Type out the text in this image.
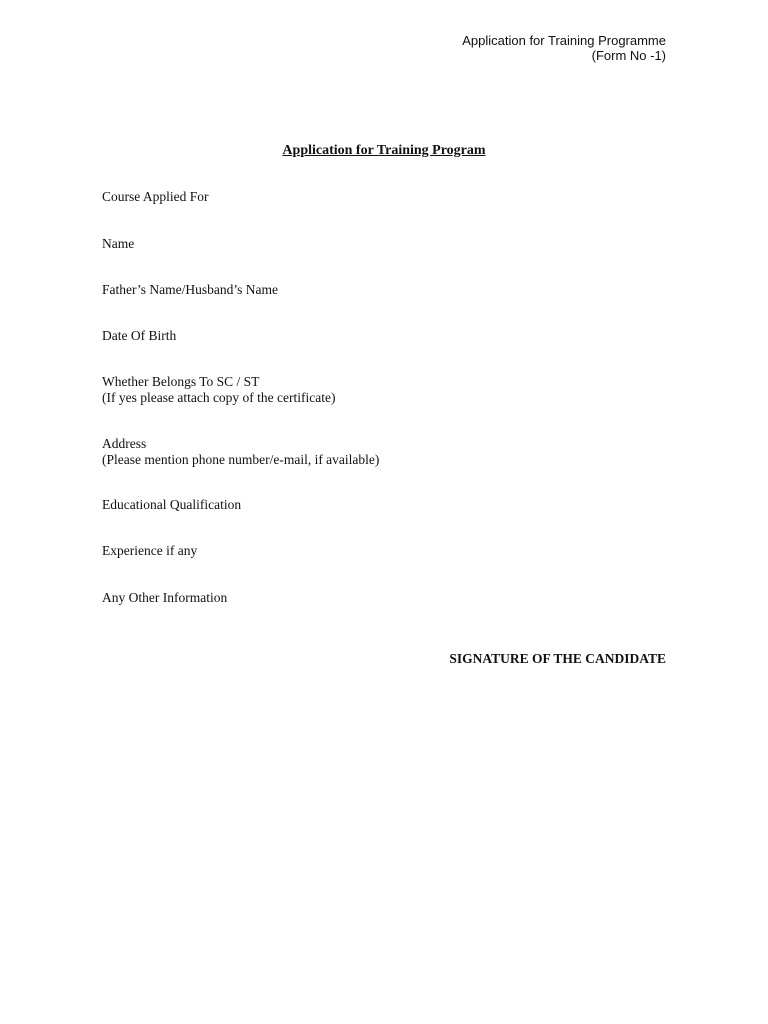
Application for Training Programme
(Form No -1)
Application for Training Program
Course Applied For
Name
Father’s Name/Husband’s Name
Date Of Birth
Whether Belongs To SC / ST
(If yes please attach copy of the certificate)
Address
(Please mention phone number/e-mail, if available)
Educational Qualification
Experience if any
Any Other Information
SIGNATURE OF THE CANDIDATE
